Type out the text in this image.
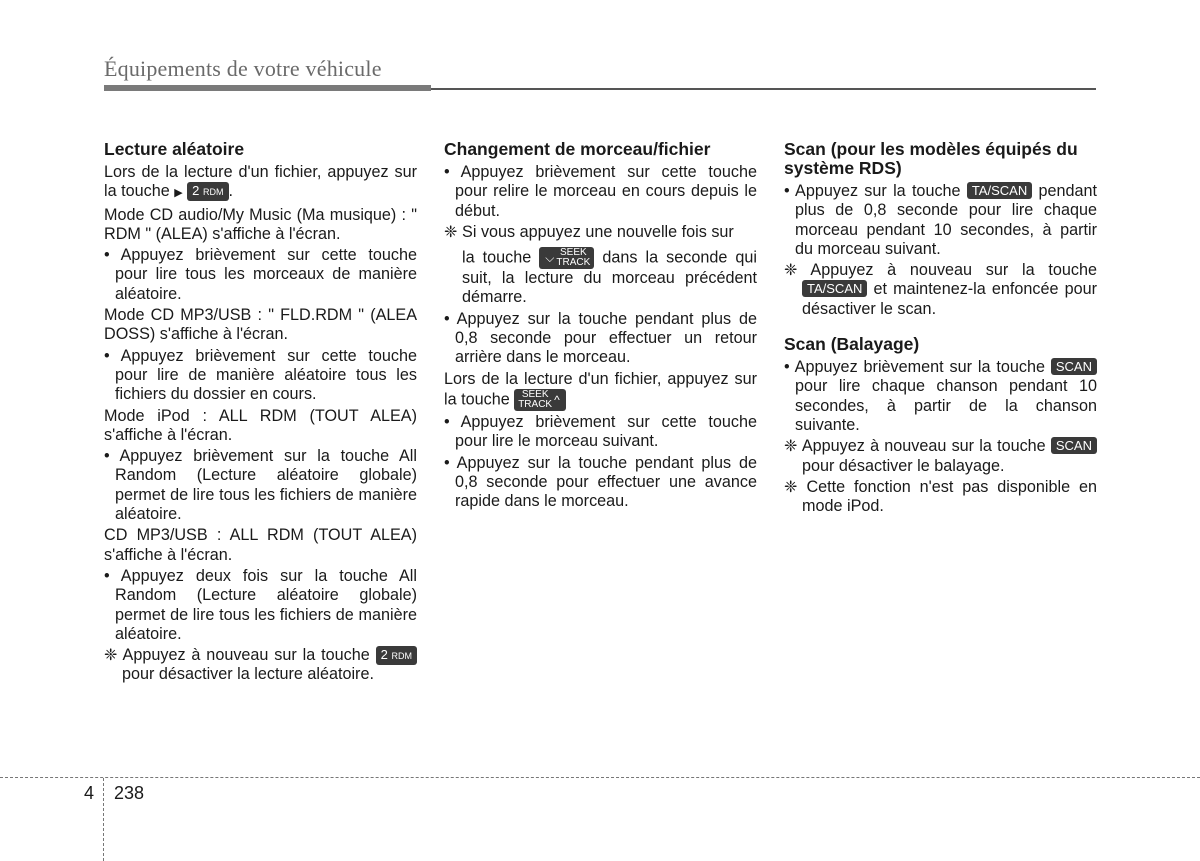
Équipements de votre véhicule
Lecture aléatoire
Lors de la lecture d'un fichier, appuyez sur la touche ▶ 2 RDM .
Mode CD audio/My Music (Ma musique) : " RDM " (ALEA) s'affiche à l'écran.
• Appuyez brièvement sur cette touche pour lire tous les morceaux de manière aléatoire.
Mode CD MP3/USB : " FLD.RDM " (ALEA DOSS) s'affiche à l'écran.
• Appuyez brièvement sur cette touche pour lire de manière aléatoire tous les fichiers du dossier en cours.
Mode iPod : ALL RDM (TOUT ALEA) s'affiche à l'écran.
• Appuyez brièvement sur la touche All Random (Lecture aléatoire globale) permet de lire tous les fichiers de manière aléatoire.
CD MP3/USB : ALL RDM (TOUT ALEA) s'affiche à l'écran.
• Appuyez deux fois sur la touche All Random (Lecture aléatoire globale) permet de lire tous les fichiers de manière aléatoire.
❈ Appuyez à nouveau sur la touche 2 RDM pour désactiver la lecture aléatoire.
Changement de morceau/fichier
• Appuyez brièvement sur cette touche pour relire le morceau en cours depuis le début.
❈ Si vous appuyez une nouvelle fois sur
la touche ⌵ SEEK
TRACK dans la seconde qui suit, la lecture du morceau précédent démarre.
• Appuyez sur la touche pendant plus de 0,8 seconde pour effectuer un retour arrière dans le morceau.
Lors de la lecture d'un fichier, appuyez sur la touche SEEK
TRACK ^
• Appuyez brièvement sur cette touche pour lire le morceau suivant.
• Appuyez sur la touche pendant plus de 0,8 seconde pour effectuer une avance rapide dans le morceau.
Scan (pour les modèles équipés du système RDS)
• Appuyez sur la touche TA/SCAN pendant plus de 0,8 seconde pour lire chaque morceau pendant 10 secondes, à partir du morceau suivant.
❈ Appuyez à nouveau sur la touche TA/SCAN et maintenez-la enfoncée pour désactiver le scan.
Scan (Balayage)
• Appuyez brièvement sur la touche SCAN pour lire chaque chanson pendant 10 secondes, à partir de la chanson suivante.
❈ Appuyez à nouveau sur la touche SCAN pour désactiver le balayage.
❈ Cette fonction n'est pas disponible en mode iPod.
4 238
